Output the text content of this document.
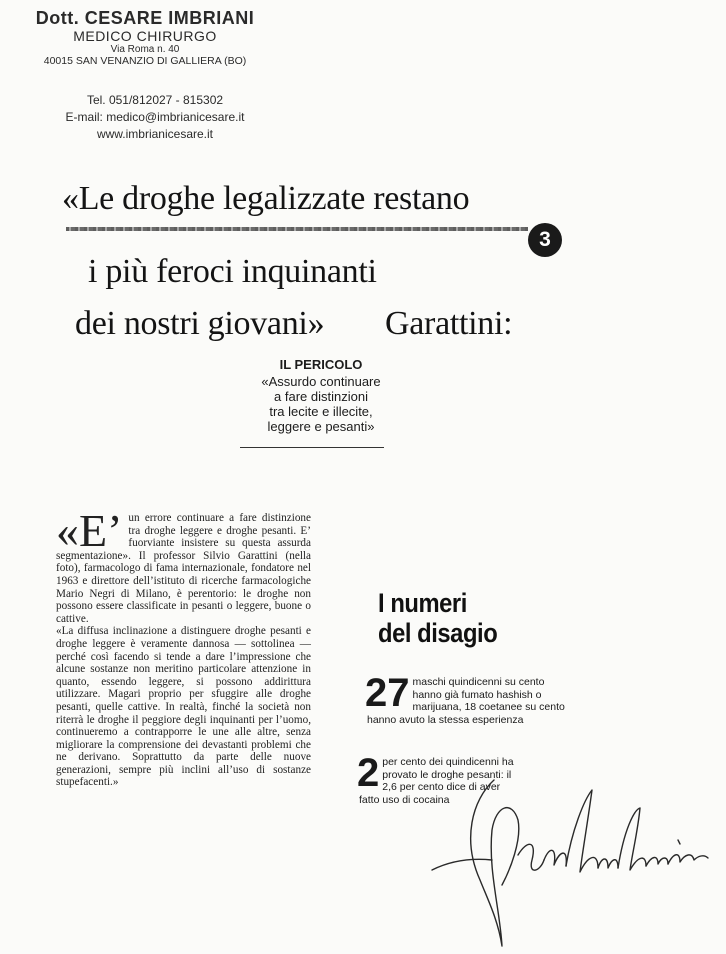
Dott. CESARE IMBRIANI
MEDICO CHIRURGO
Via Roma n. 40
40015 SAN VENANZIO DI GALLIERA (BO)
Tel. 051/812027 - 815302
E-mail: medico@imbrianicesare.it
www.imbrianicesare.it
«Le droghe legalizzate restano
3
i più feroci inquinanti
dei nostri giovani» Garattini:
IL PERICOLO
«Assurdo continuare
a fare distinzioni
tra lecite e illecite,
leggere e pesanti»
«E’ un errore continuare a fare distinzione tra droghe leggere e droghe pesanti. E’ fuorviante insistere su questa assurda segmentazione». Il professor Silvio Garattini (nella foto), farmacologo di fama internazionale, fondatore nel 1963 e direttore dell’istituto di ricerche farmacologiche Mario Negri di Milano, è perentorio: le droghe non possono essere classificate in pesanti o leggere, buone o cattive.

«La diffusa inclinazione a distinguere droghe pesanti e droghe leggere è veramente dannosa — sottolinea — perché così facendo si tende a dare l’impressione che alcune sostanze non meritino particolare attenzione in quanto, essendo leggere, si possono addirittura utilizzare. Magari proprio per sfuggire alle droghe pesanti, quelle cattive. In realtà, finché la società non riterrà le droghe il peggiore degli inquinanti per l’uomo, continueremo a contrapporre le une alle altre, senza migliorare la comprensione dei devastanti problemi che ne derivano. Soprattutto da parte delle nuove generazioni, sempre più inclini all’uso di sostanze stupefacenti.»

I numeri
del disagio
27 maschi quindicenni su cento hanno già fumato hashish o marijuana, 18 coetanee su cento hanno avuto la stessa esperienza
2 per cento dei quindicenni ha provato le droghe pesanti: il 2,6 per cento dice di aver fatto uso di cocaina
